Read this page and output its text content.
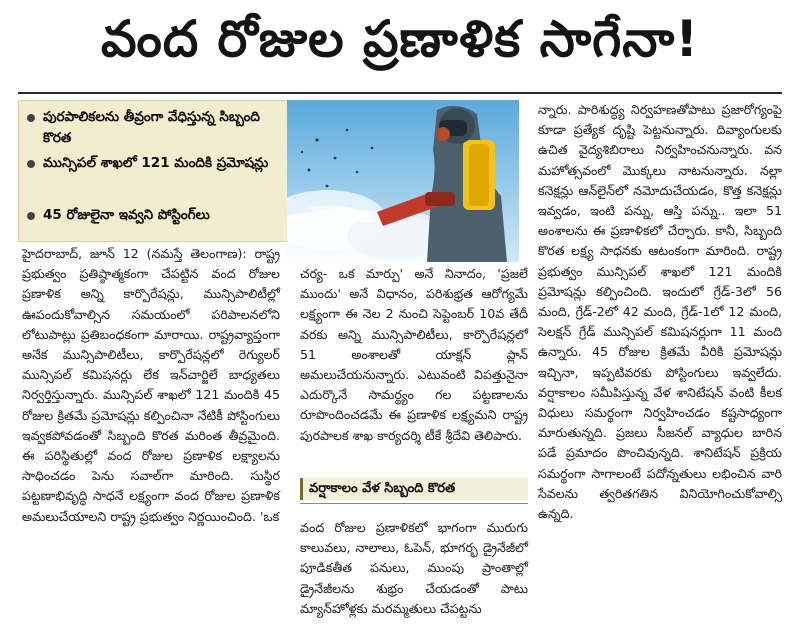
వంద రోజుల ప్రణాళిక సాగేనా!
పురపాలికలను తీవ్రంగా వేధిస్తున్న సిబ్బంది కొరత
మున్సిపల్ శాఖలో 121 మందికి ప్రమోషన్లు
45 రోజులైనా ఇవ్వని పోస్టింగ్‌లు
హైదరాబాద్, జూన్ 12 (నమస్తే తెలంగాణ): రాష్ట్ర ప్రభుత్వం ప్రతిష్ఠాత్మకంగా చేపట్టిన వంద రోజుల ప్రణాళిక అన్ని కార్పొరేషన్లు, మున్సిపాలిటీల్లో ఊపందుకోవాల్సిన సమయంలో పరిపాలనలోని లోటుపాట్లు ప్రతిబంధకంగా మారాయి. రాష్ట్రవ్యాప్తంగా అనేక మున్సిపాలిటీలు, కార్పొరేషన్లలో రెగ్యులర్ మున్సిపల్ కమిషనర్లు లేక ఇన్‌చార్జిలే బాధ్యతలు నిర్వర్తిస్తున్నారు. మున్సిపల్ శాఖలో 121 మందికి 45 రోజుల క్రితమే ప్రమోషన్లు కల్పించినా నేటికీ పోస్టింగులు ఇవ్వకపోవడంతో సిబ్బంది కొరత మరింత తీవ్రమైంది. ఈ పరిస్థితుల్లో వంద రోజుల ప్రణాళిక లక్ష్యాలను సాధించడం పెను సవాల్‌గా మారింది. సుస్థిర పట్టణాభివృద్ధి సాధనే లక్ష్యంగా వంద రోజుల ప్రణాళిక అమలుచేయాలని రాష్ట్ర ప్రభుత్వం నిర్ణయించింది. 'ఒక
చర్య- ఒక మార్పు' అనే నినాదం, 'ప్రజలే ముందు' అనే విధానం, పరిశుభ్రత ఆరోగ్యమే లక్ష్యంగా ఈ నెల 2 నుంచి సెప్టెంబర్ 10వ తేదీ వరకు అన్ని మున్సిపాలిటీలు, కార్పొరేషన్లలో 51 అంశాలతో యాక్షన్ ప్లాన్ అమలుచేయనున్నారు. ఎటువంటి విపత్తునైనా ఎదుర్కొనే సామర్థ్యం గల పట్టణాలను రూపొందించడమే ఈ ప్రణాళిక లక్ష్యమని రాష్ట్ర పురపాలక శాఖ కార్యదర్శి టీకే శ్రీదేవి తెలిపారు.
వర్షాకాలం వేళ సిబ్బంది కొరత
వంద రోజుల ప్రణాళికలో భాగంగా మురుగు కాలువలు, నాలాలు, ఓపెన్, భూగర్భ డ్రైనేజీలో పూడికతీత పనులు, ముంపు ప్రాంతాల్లో డ్రైనేజీలను శుభ్రం చేయడంతో పాటు మ్యాన్‌హోళ్లకు మరమ్మతులు చేపట్టను
న్నారు. పారిశుద్ధ్య నిర్వహణతోపాటు ప్రజారోగ్యంపై కూడా ప్రత్యేక దృష్టి పెట్టనున్నారు. దివ్యాంగులకు ఉచిత వైద్యశిబిరాలు నిర్వహించనున్నారు. వన మహోత్సవంలో మొక్కలు నాటనున్నారు. నల్లా కనెక్షన్లు ఆన్‌లైన్‌లో నమోదుచేయడం, కొత్త కనెక్షన్లు ఇవ్వడం, ఇంటి పన్ను, ఆస్తి పన్ను.. ఇలా 51 అంశాలను ఈ ప్రణాళికలో చేర్చారు. కానీ, సిబ్బంది కొరత లక్ష్య సాధనకు ఆటంకంగా మారింది. రాష్ట్ర ప్రభుత్వం మున్సిపల్ శాఖలో 121 మందికి ప్రమోషన్లు కల్పించింది. ఇందులో గ్రేడ్-3లో 56 మంది, గ్రేడ్-2లో 42 మంది, గ్రేడ్-1లో 12 మంది, సెలక్షన్ గ్రేడ్ మున్సిపల్ కమిషనర్లుగా 11 మంది ఉన్నారు. 45 రోజుల క్రితమే వీరికి ప్రమోషన్లు ఇచ్చినా, ఇప్పటివరకు పోస్టింగులు ఇవ్వలేదు. వర్షాకాలం సమీపిస్తున్న వేళ శానిటేషన్ వంటి కీలక విధులు సమర్థంగా నిర్వహించడం కష్టసాధ్యంగా మారుతున్నది. ప్రజలు సీజనల్ వ్యాధుల బారిన పడే ప్రమాదం పొంచివున్నది. శానిటేషన్ ప్రక్రియ సమర్థంగా సాగాలంటే పదోన్నతులు లభించిన వారి సేవలను త్వరితగతిన వినియోగించుకోవాల్సి ఉన్నది.
